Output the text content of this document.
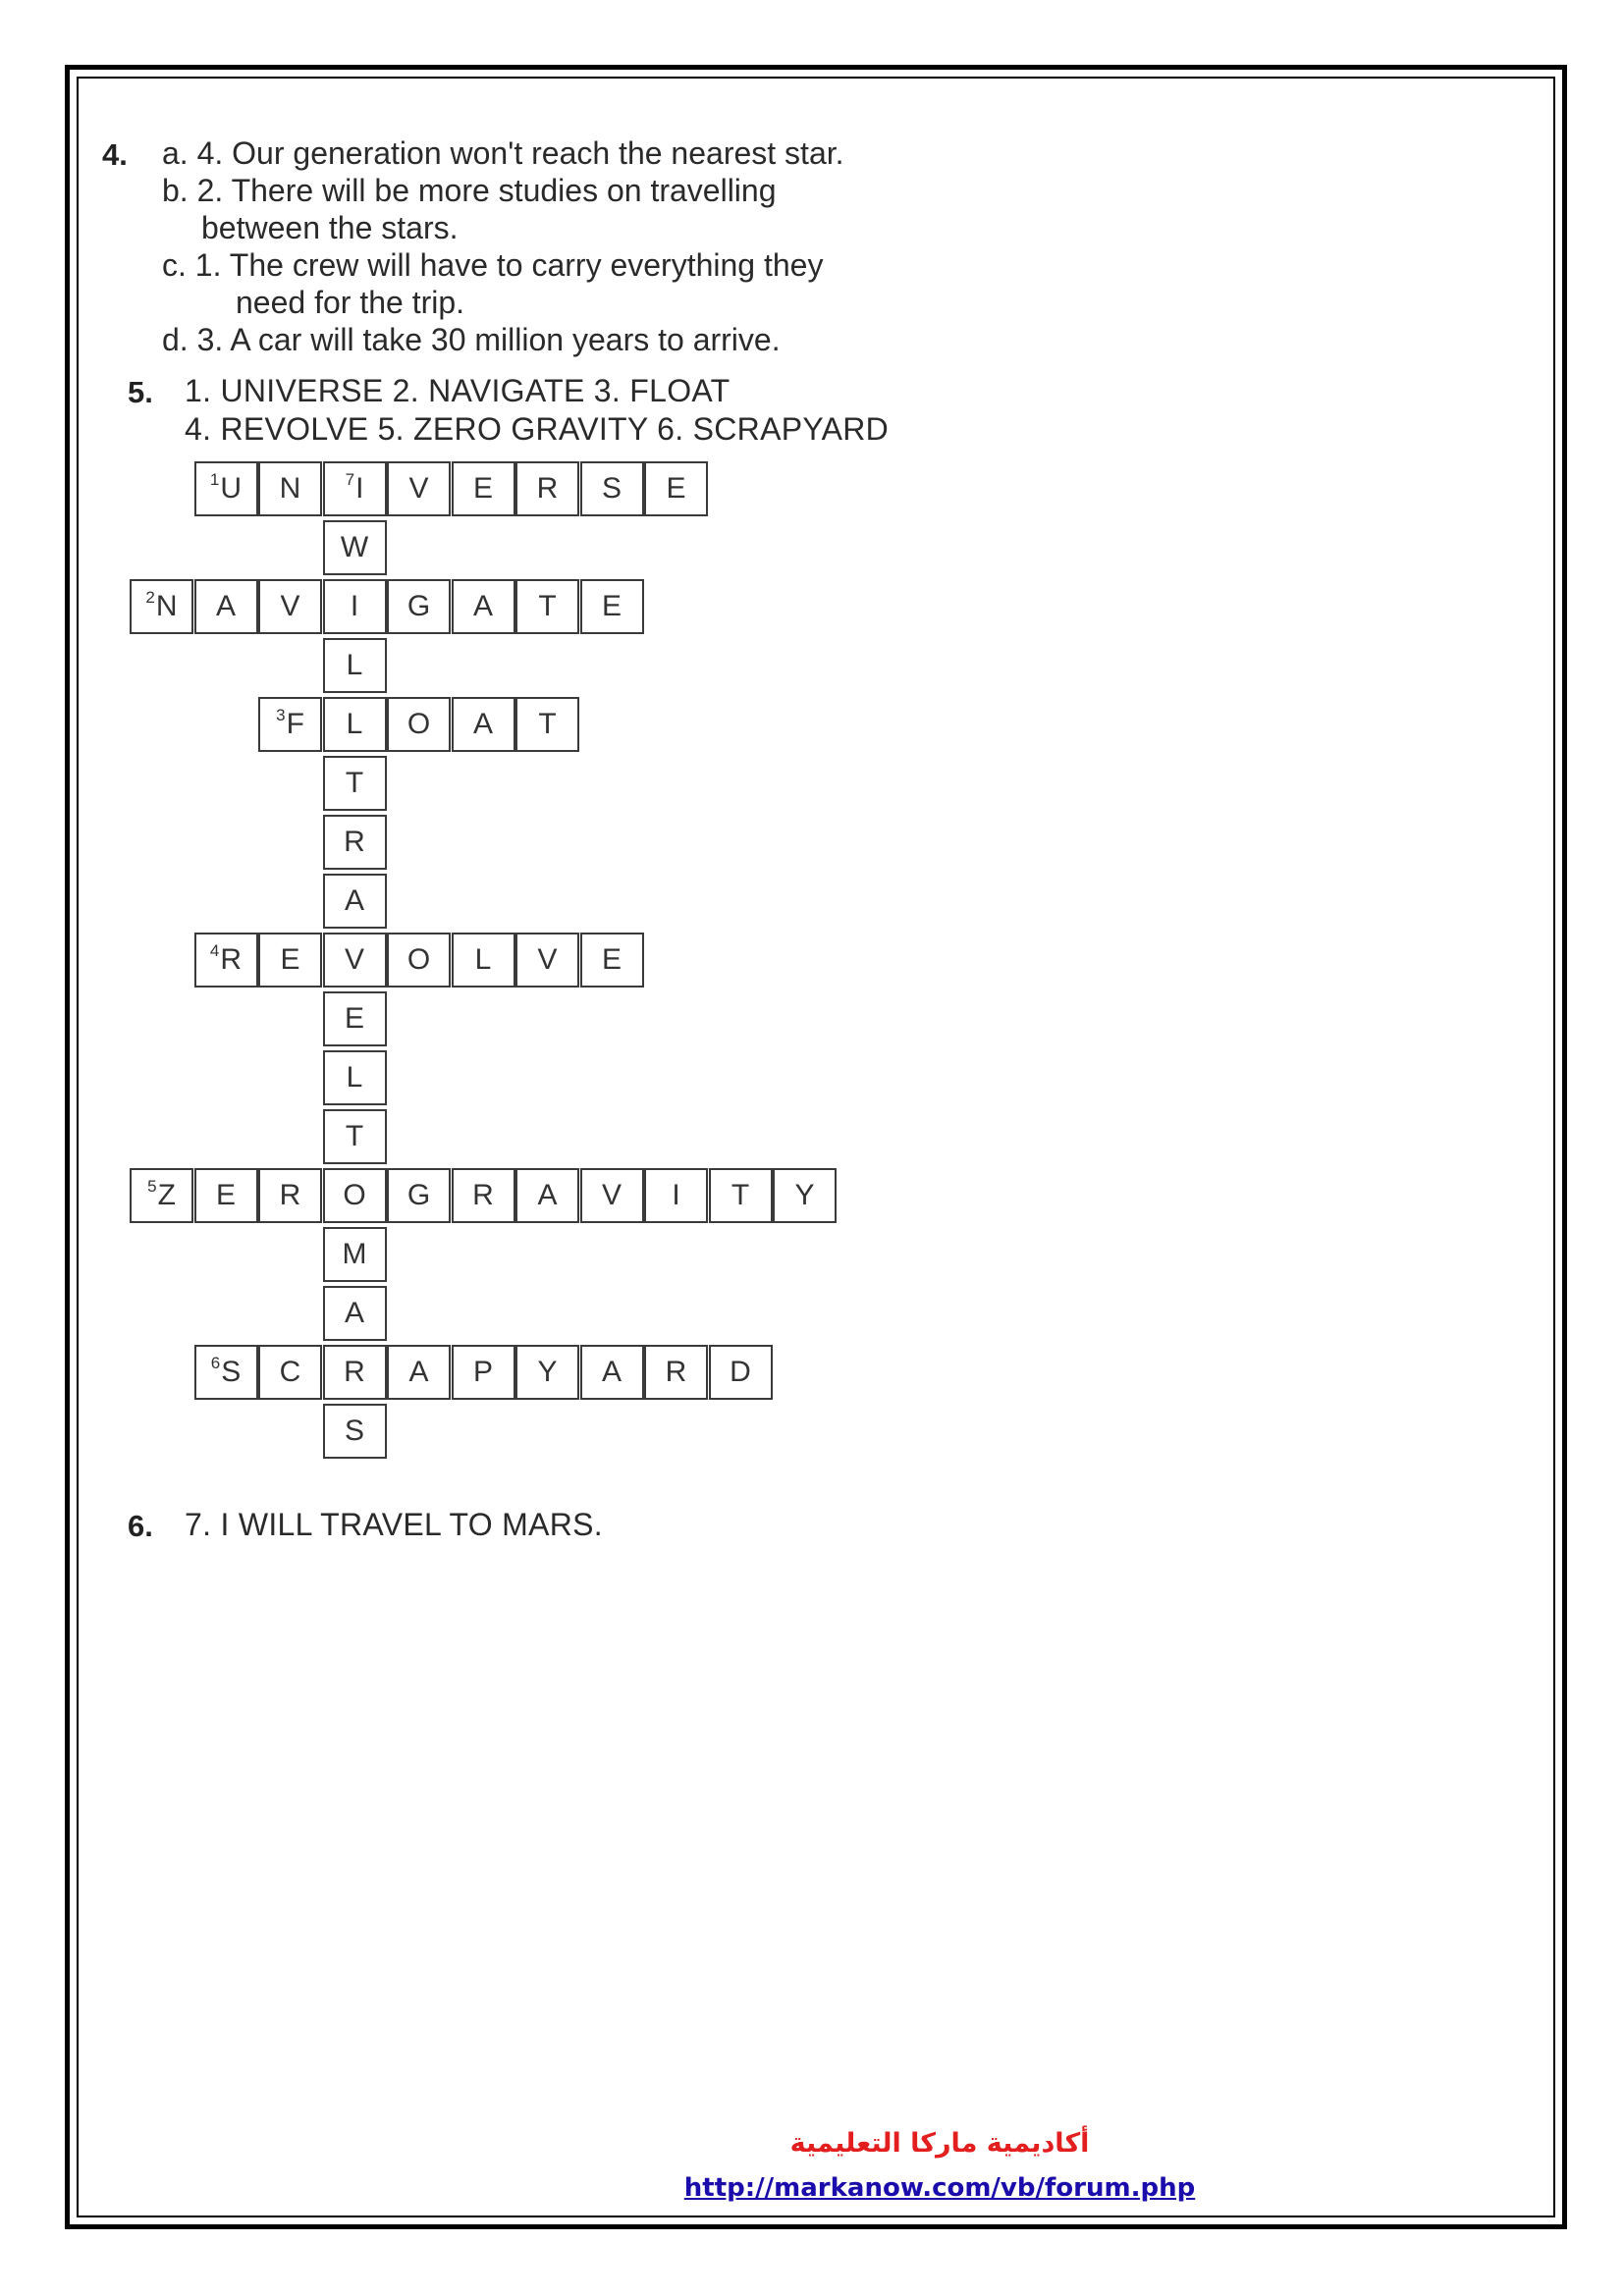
4. a. 4. Our generation won't reach the nearest star.
b. 2. There will be more studies on travelling
between the stars.
c. 1. The crew will have to carry everything they
need for the trip.
d. 3. A car will take 30 million years to arrive.
5. 1. UNIVERSE 2. NAVIGATE 3. FLOAT
4. REVOLVE 5. ZERO GRAVITY 6. SCRAPYARD
1 U N	7 I V E R S E
2 N A V I G A T E
3 F L O A T
4 R E V O L V E
5 Z E R O G R A V I T Y
6 S C R A P Y A R D
W
L
T
R
A
E
L
T
M
A
S
6. 7. I WILL TRAVEL TO MARS.
أكاديمية ماركا التعليمية
http://markanow.com/vb/forum.php
